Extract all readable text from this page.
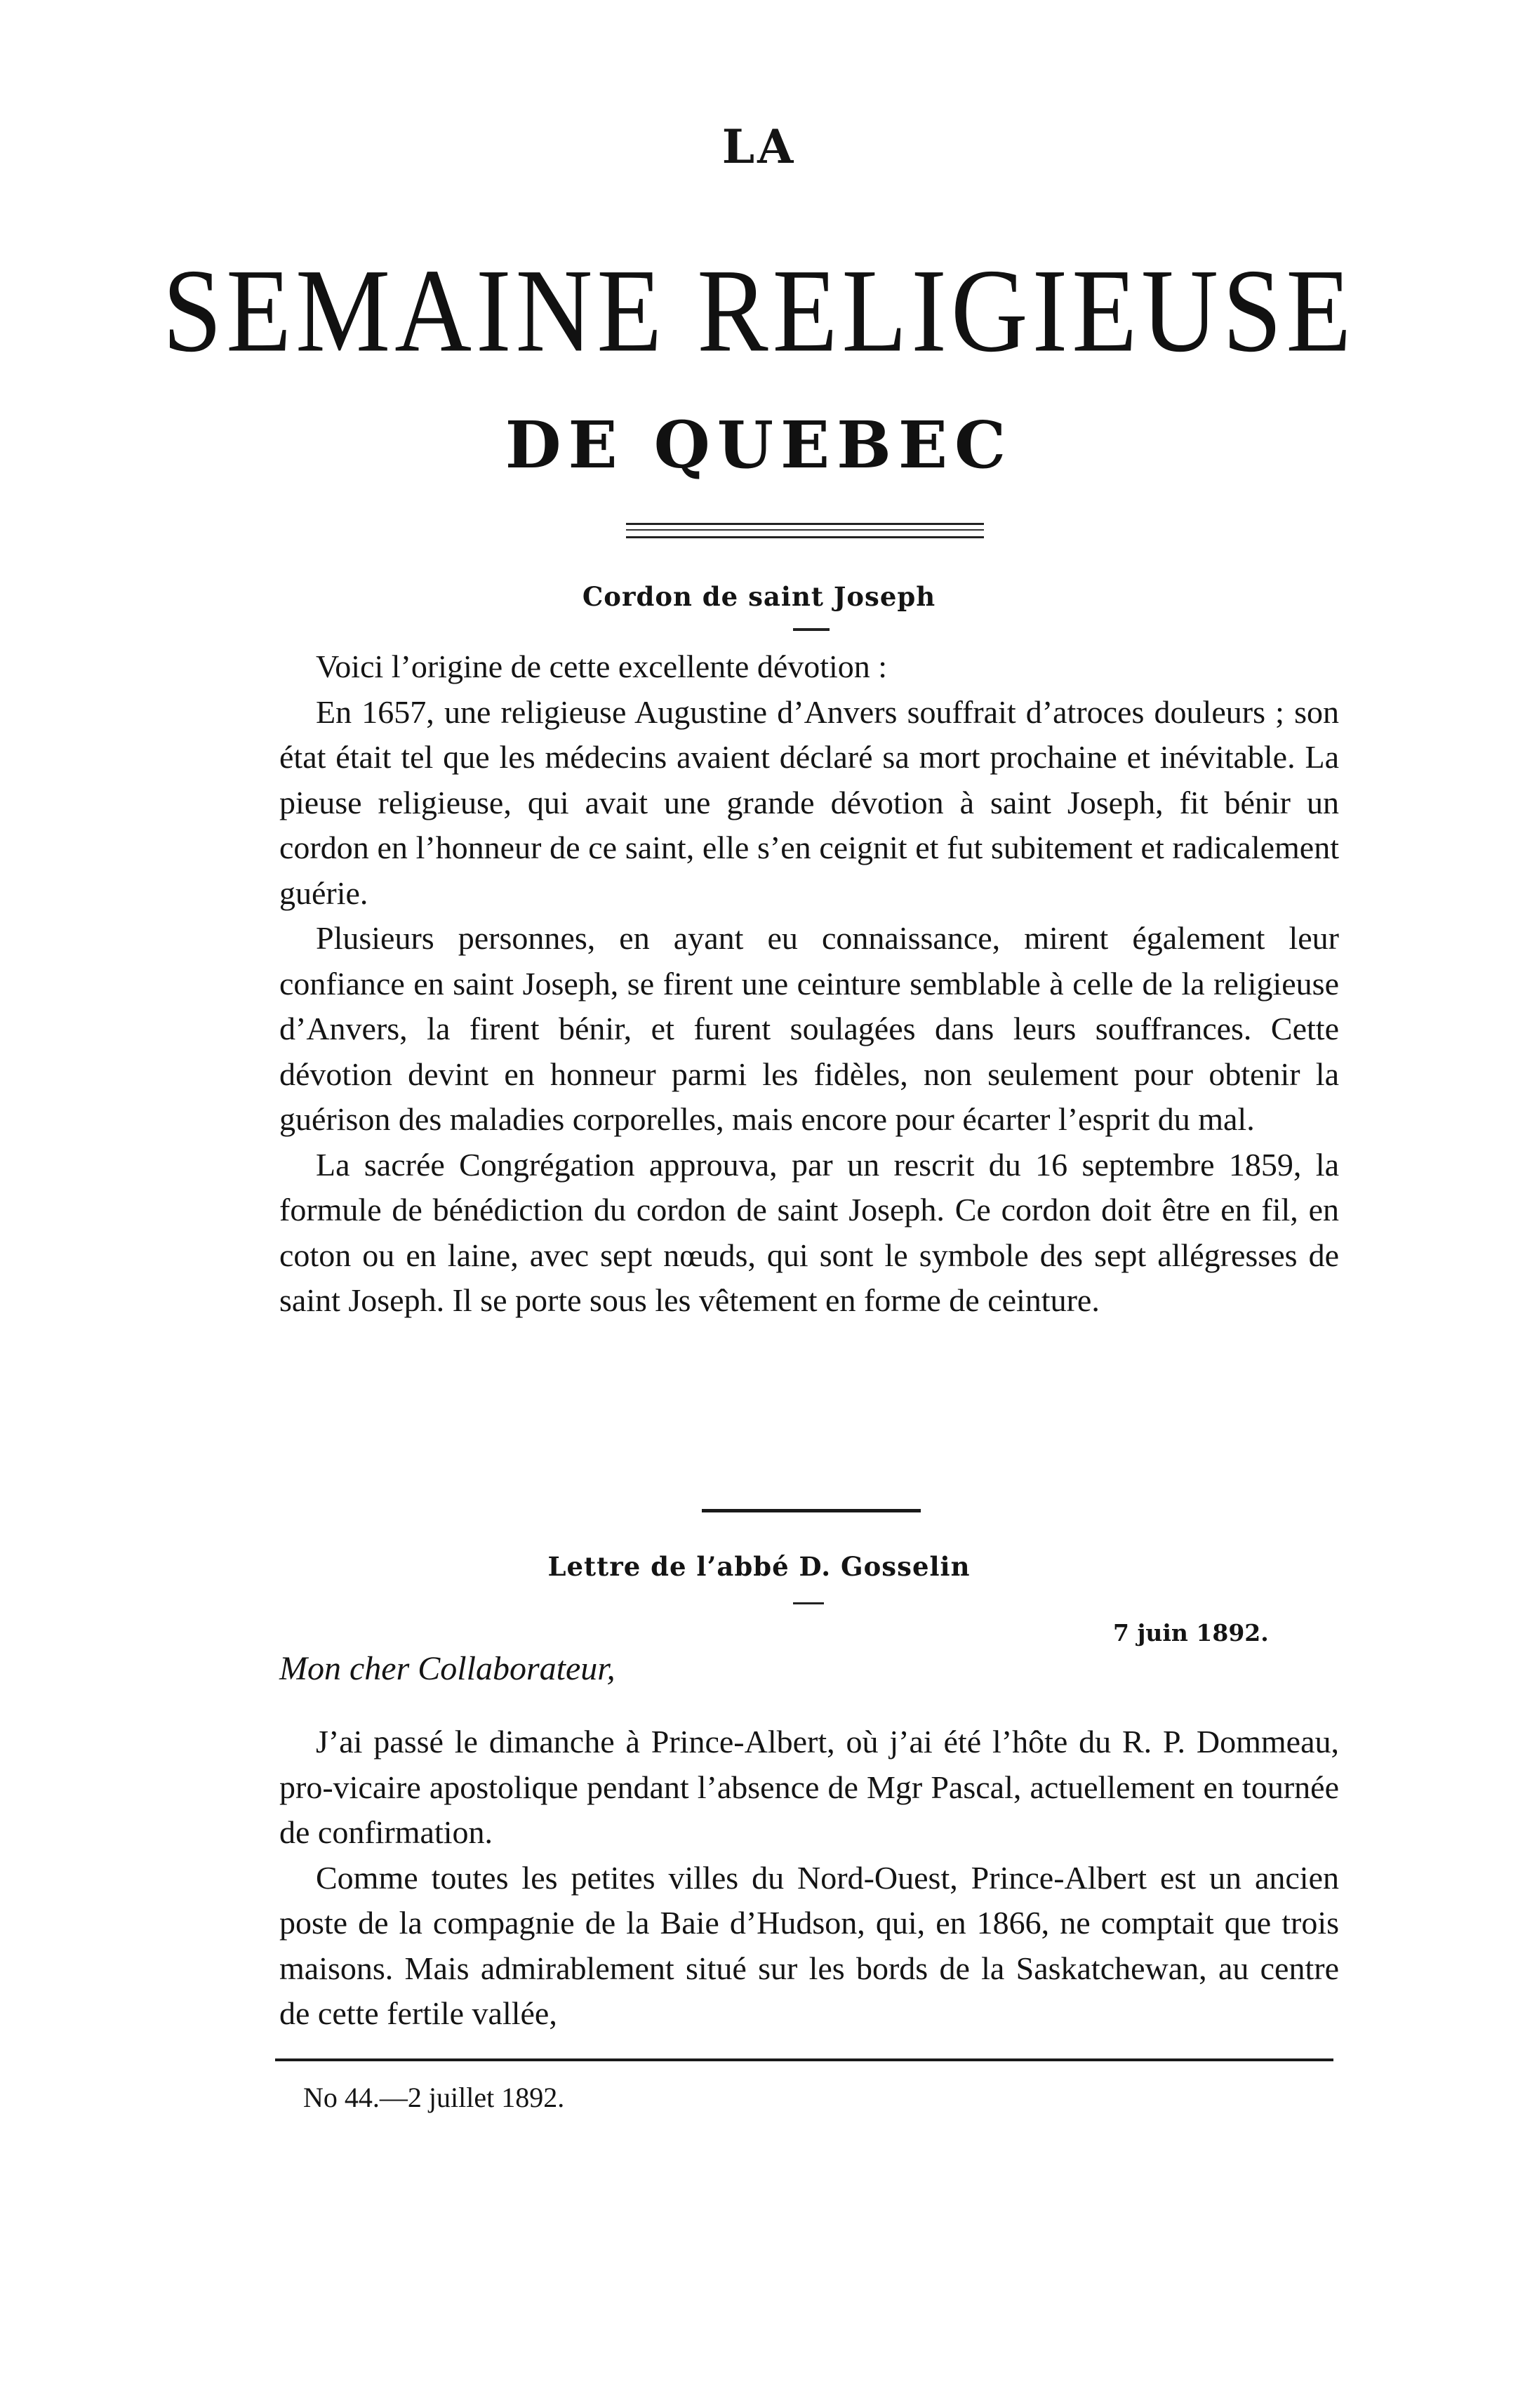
LA
SEMAINE RELIGIEUSE
DE QUEBEC
Cordon de saint Joseph

Voici l’origine de cette excellente dévotion :

En 1657, une religieuse Augustine d’Anvers souffrait d’atroces douleurs ; son état était tel que les médecins avaient déclaré sa mort prochaine et inévitable. La pieuse religieuse, qui avait une grande dévotion à saint Joseph, fit bénir un cordon en l’honneur de ce saint, elle s’en ceignit et fut subitement et radicalement guérie.

Plusieurs personnes, en ayant eu connaissance, mirent également leur confiance en saint Joseph, se firent une ceinture semblable à celle de la religieuse d’Anvers, la firent bénir, et furent soulagées dans leurs souffrances. Cette dévotion devint en honneur parmi les fidèles, non seulement pour obtenir la guérison des maladies corporelles, mais encore pour écarter l’esprit du mal.

La sacrée Congrégation approuva, par un rescrit du 16 septembre 1859, la formule de bénédiction du cordon de saint Joseph. Ce cordon doit être en fil, en coton ou en laine, avec sept nœuds, qui sont le symbole des sept allégresses de saint Joseph. Il se porte sous les vêtement en forme de ceinture.

Lettre de l’abbé D. Gosselin
7 juin 1892.
Mon cher Collaborateur,

J’ai passé le dimanche à Prince-Albert, où j’ai été l’hôte du R. P. Dommeau, pro-vicaire apostolique pendant l’absence de Mgr Pascal, actuellement en tournée de confirmation.

Comme toutes les petites villes du Nord-Ouest, Prince-Albert est un ancien poste de la compagnie de la Baie d’Hudson, qui, en 1866, ne comptait que trois maisons. Mais admirablement situé sur les bords de la Saskatchewan, au centre de cette fertile vallée,

No 44.—2 juillet 1892.
